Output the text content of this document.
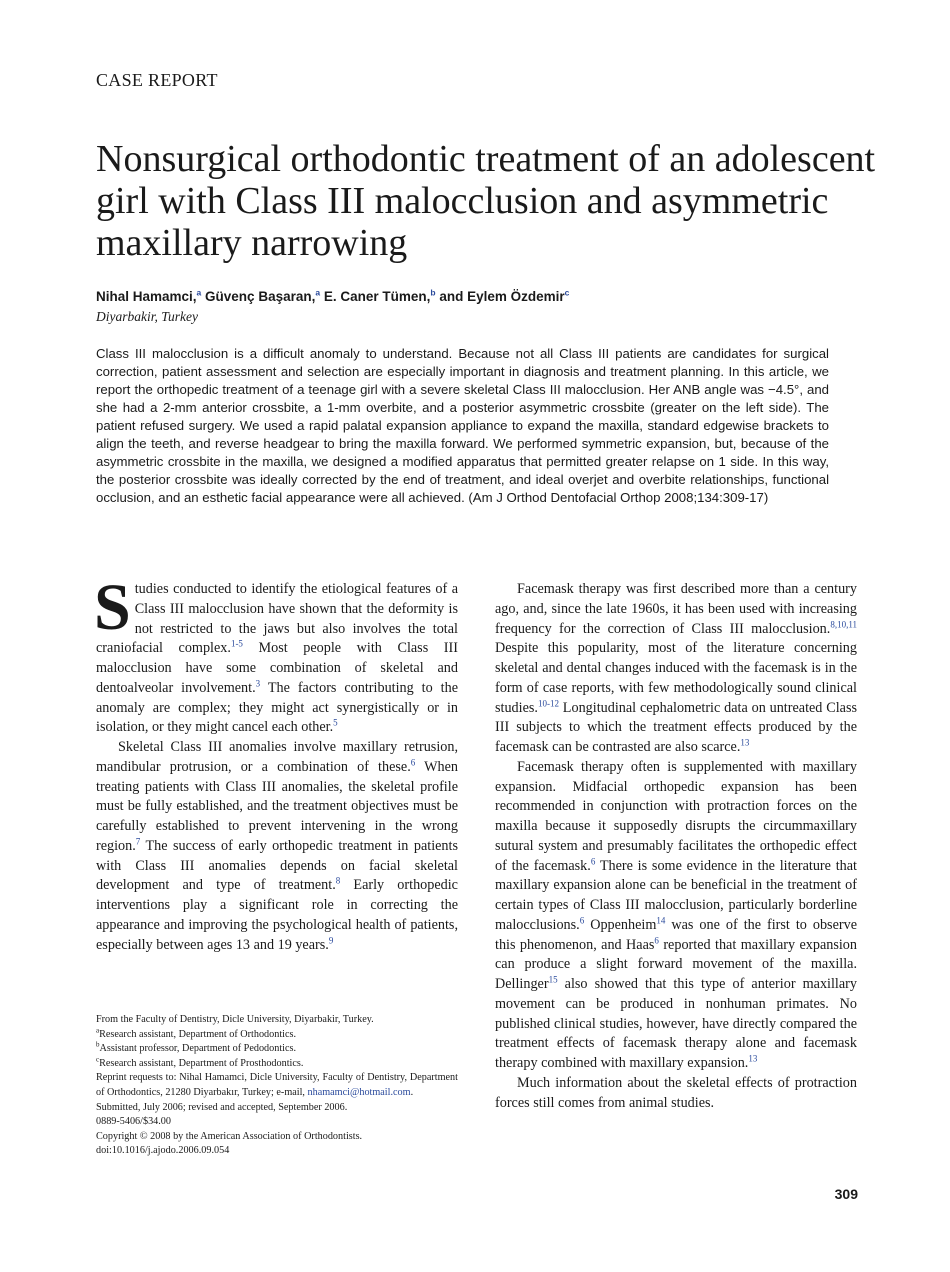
CASE REPORT
Nonsurgical orthodontic treatment of an adolescent girl with Class III malocclusion and asymmetric maxillary narrowing
Nihal Hamamci,$^a$ Güvenç Başaran,$^a$ E. Caner Tümen,$^b$ and Eylem Özdemir$^c$
Diyarbakir, Turkey

Class III malocclusion is a difficult anomaly to understand. Because not all Class III patients are candidates for surgical correction, patient assessment and selection are especially important in diagnosis and treatment planning. In this article, we report the orthopedic treatment of a teenage girl with a severe skeletal Class III malocclusion. Her ANB angle was −4.5°, and she had a 2-mm anterior crossbite, a 1-mm overbite, and a posterior asymmetric crossbite (greater on the left side). The patient refused surgery. We used a rapid palatal expansion appliance to expand the maxilla, standard edgewise brackets to align the teeth, and reverse headgear to bring the maxilla forward. We performed symmetric expansion, but, because of the asymmetric crossbite in the maxilla, we designed a modified apparatus that permitted greater relapse on 1 side. In this way, the posterior crossbite was ideally corrected by the end of treatment, and ideal overjet and overbite relationships, functional occlusion, and an esthetic facial appearance were all achieved. (Am J Orthod Dentofacial Orthop 2008;134:309-17)

Studies conducted to identify the etiological features of a Class III malocclusion have shown that the deformity is not restricted to the jaws but also involves the total craniofacial complex.$^{1-5}$ Most people with Class III malocclusion have some combination of skeletal and dentoalveolar involvement.$^3$ The factors contributing to the anomaly are complex; they might act synergistically or in isolation, or they might cancel each other.$^5$

Skeletal Class III anomalies involve maxillary retrusion, mandibular protrusion, or a combination of these.$^6$ When treating patients with Class III anomalies, the skeletal profile must be fully established, and the treatment objectives must be carefully established to prevent intervening in the wrong region.$^7$ The success of early orthopedic treatment in patients with Class III anomalies depends on facial skeletal development and type of treatment.$^8$ Early orthopedic interventions play a significant role in correcting the appearance and improving the psychological health of patients, especially between ages 13 and 19 years.$^9$

From the Faculty of Dentistry, Dicle University, Diyarbakir, Turkey.
$^a$Research assistant, Department of Orthodontics.
$^b$Assistant professor, Department of Pedodontics.
$^c$Research assistant, Department of Prosthodontics.
Reprint requests to: Nihal Hamamci, Dicle University, Faculty of Dentistry, Department of Orthodontics, 21280 Diyarbakır, Turkey; e-mail, nhamamci@hotmail.com.
Submitted, July 2006; revised and accepted, September 2006.
0889-5406/$34.00
Copyright © 2008 by the American Association of Orthodontists.
doi:10.1016/j.ajodo.2006.09.054

Facemask therapy was first described more than a century ago, and, since the late 1960s, it has been used with increasing frequency for the correction of Class III malocclusion.$^{8,10,11}$ Despite this popularity, most of the literature concerning skeletal and dental changes induced with the facemask is in the form of case reports, with few methodologically sound clinical studies.$^{10-12}$ Longitudinal cephalometric data on untreated Class III subjects to which the treatment effects produced by the facemask can be contrasted are also scarce.$^{13}$

Facemask therapy often is supplemented with maxillary expansion. Midfacial orthopedic expansion has been recommended in conjunction with protraction forces on the maxilla because it supposedly disrupts the circummaxillary sutural system and presumably facilitates the orthopedic effect of the facemask.$^6$ There is some evidence in the literature that maxillary expansion alone can be beneficial in the treatment of certain types of Class III malocclusion, particularly borderline malocclusions.$^6$ Oppenheim$^{14}$ was one of the first to observe this phenomenon, and Haas$^6$ reported that maxillary expansion can produce a slight forward movement of the maxilla. Dellinger$^{15}$ also showed that this type of anterior maxillary movement can be produced in nonhuman primates. No published clinical studies, however, have directly compared the treatment effects of facemask therapy alone and facemask therapy combined with maxillary expansion.$^{13}$

Much information about the skeletal effects of protraction forces still comes from animal studies.

309
